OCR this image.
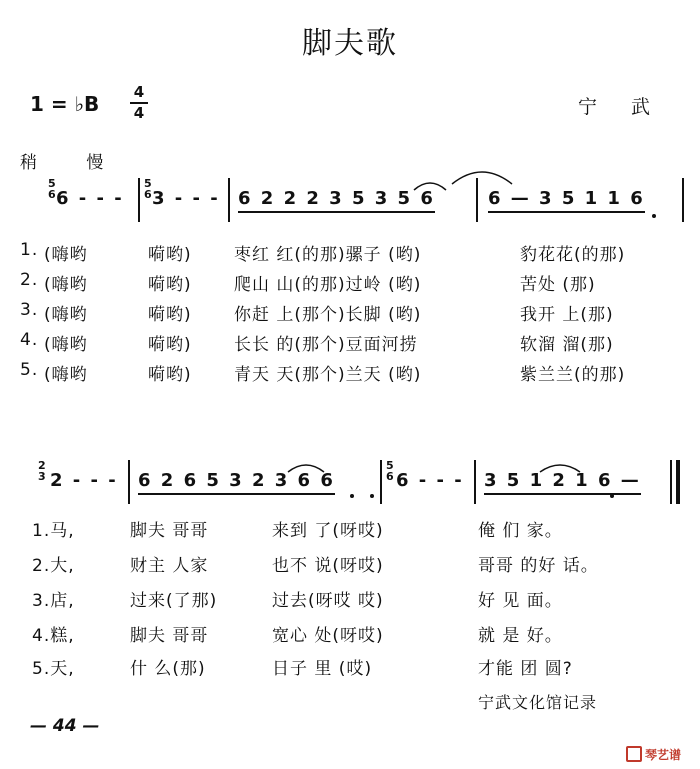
脚夫歌
1 = ♭B 4
4	宁 武
稍 慢
5
6 6 - - -
5
6 3 - - - 6 2 2 2 3 5 3 5 6	6 — 3 5 1 1 6
1. (嗨哟	嗬哟) 枣红 红(的那)骡子 (哟)	豹花花(的那)
2. (嗨哟	嗬哟) 爬山 山(的那)过岭 (哟)	苦处 (那)
3. (嗨哟	嗬哟) 你赶 上(那个)长脚 (哟)	我开 上(那)
4. (嗨哟	嗬哟) 长长 的(那个)豆面河捞	软溜 溜(那)
5. (嗨哟	嗬哟) 青天 天(那个)兰天 (哟)	紫兰兰(的那)
2
3 2 - - - 6 2 6 5 3 2 3 6 6
5
6 6 - - - 3 5 1 2 1 6 —
1.马,	脚夫 哥哥	来到 了(呀哎)	俺 们 家。
2.大,	财主 人家	也不 说(呀哎)	哥哥 的好 话。
3.店,	过来(了那)	过去(呀哎 哎)	好 见 面。
4.糕,	脚夫 哥哥	宽心 处(呀哎)	就 是 好。
5.天,	什 么(那)	日子 里 (哎)	才能 团 圆?
宁武文化馆记录
— 44 —
琴艺谱
